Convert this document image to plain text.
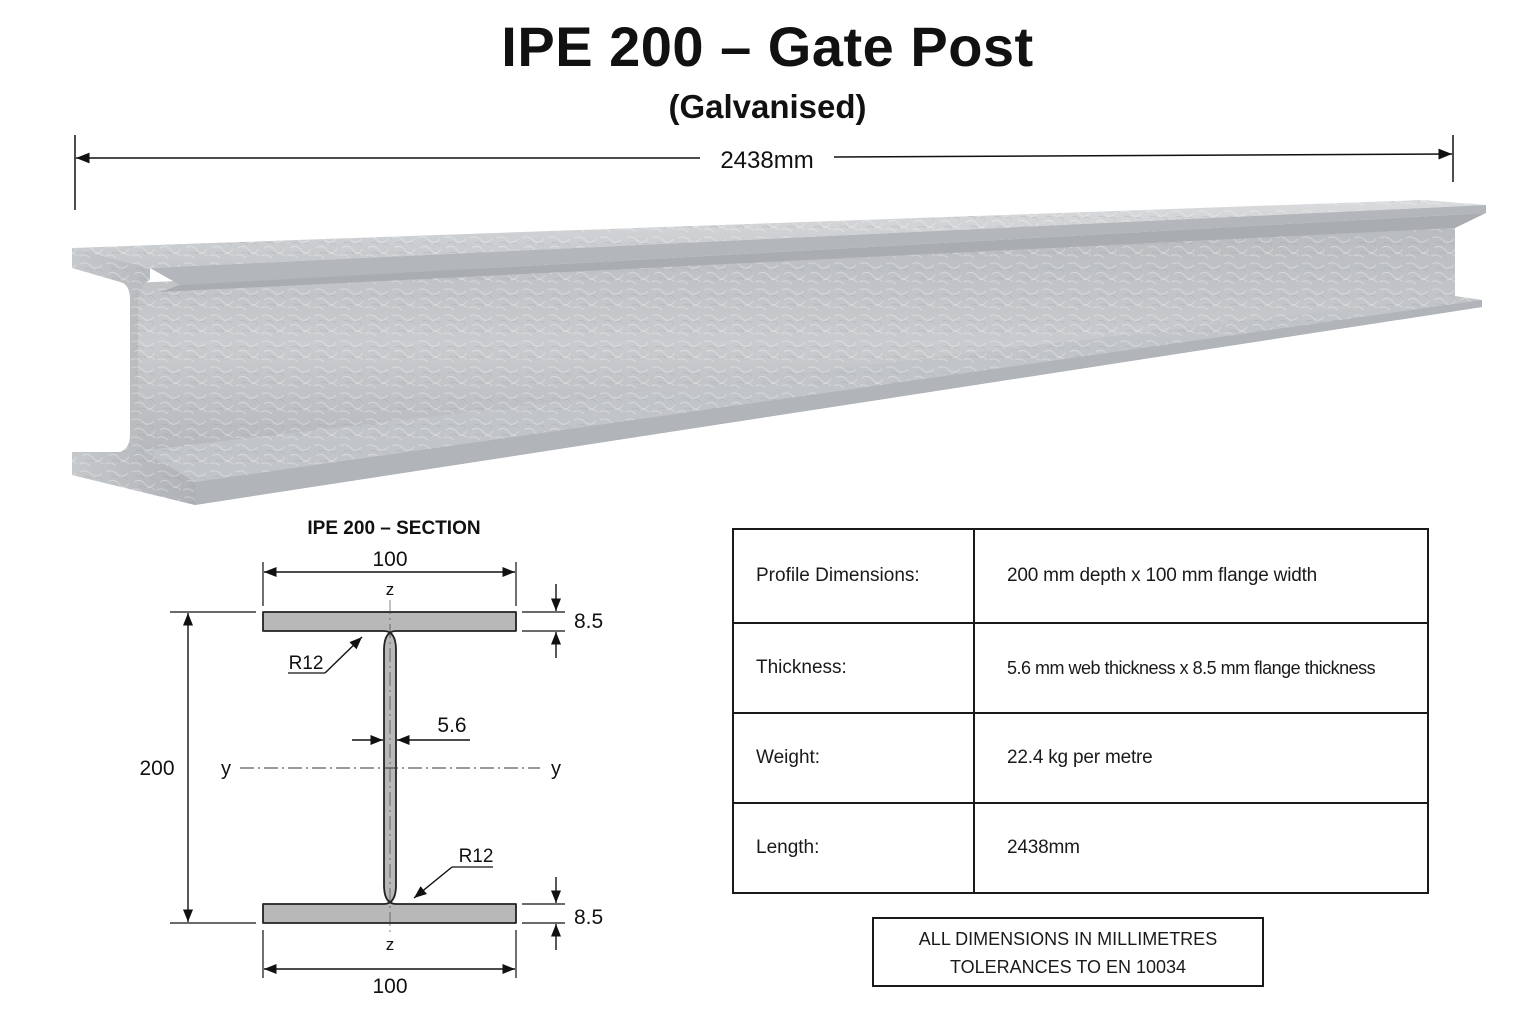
IPE 200 – Gate Post
(Galvanised)
2438mm
IPE 200 – SECTION
100
100
200
8.5
8.5
5.6
R12
R12
y	y
z
z
Profile Dimensions:	200 mm depth x 100 mm flange width
Thickness:	5.6 mm web thickness x 8.5 mm flange thickness
Weight:	22.4 kg per metre
Length:	2438mm
ALL DIMENSIONS IN MILLIMETRES
TOLERANCES TO EN 10034
